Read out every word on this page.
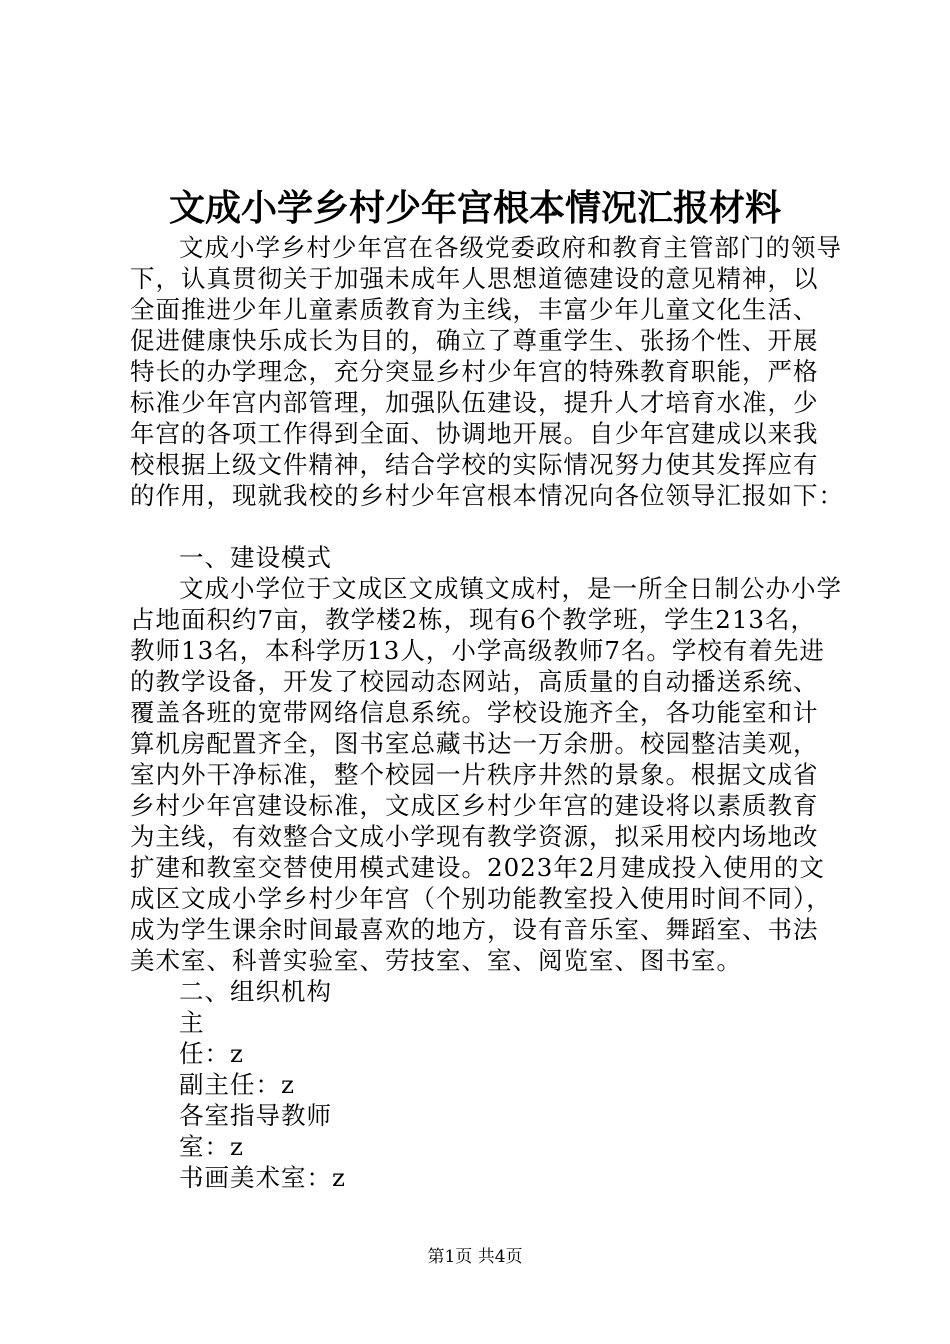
文成小学乡村少年宫根本情况汇报材料
文成小学乡村少年宫在各级党委政府和教育主管部门的领导
下，认真贯彻关于加强未成年人思想道德建设的意见精神，以
全面推进少年儿童素质教育为主线，丰富少年儿童文化生活、
促进健康快乐成长为目的，确立了尊重学生、张扬个性、开展
特长的办学理念，充分突显乡村少年宫的特殊教育职能，严格
标准少年宫内部管理，加强队伍建设，提升人才培育水准，少
年宫的各项工作得到全面、协调地开展。自少年宫建成以来我
校根据上级文件精神，结合学校的实际情况努力使其发挥应有
的作用，现就我校的乡村少年宫根本情况向各位领导汇报如下：
一、建设模式
文成小学位于文成区文成镇文成村，是一所全日制公办小学
占地面积约7亩，教学楼2栋，现有6个教学班，学生213名，
教师13名，本科学历13人，小学高级教师7名。学校有着先进
的教学设备，开发了校园动态网站，高质量的自动播送系统、
覆盖各班的宽带网络信息系统。学校设施齐全，各功能室和计
算机房配置齐全，图书室总藏书达一万余册。校园整洁美观，
室内外干净标准，整个校园一片秩序井然的景象。根据文成省
乡村少年宫建设标准，文成区乡村少年宫的建设将以素质教育
为主线，有效整合文成小学现有教学资源，拟采用校内场地改
扩建和教室交替使用模式建设。2023年2月建成投入使用的文
成区文成小学乡村少年宫（个别功能教室投入使用时间不同），
成为学生课余时间最喜欢的地方，设有音乐室、舞蹈室、书法
美术室、科普实验室、劳技室、室、阅览室、图书室。
二、组织机构
主
任：z
副主任：z
各室指导教师
室：z
书画美术室：z
第1页 共4页
